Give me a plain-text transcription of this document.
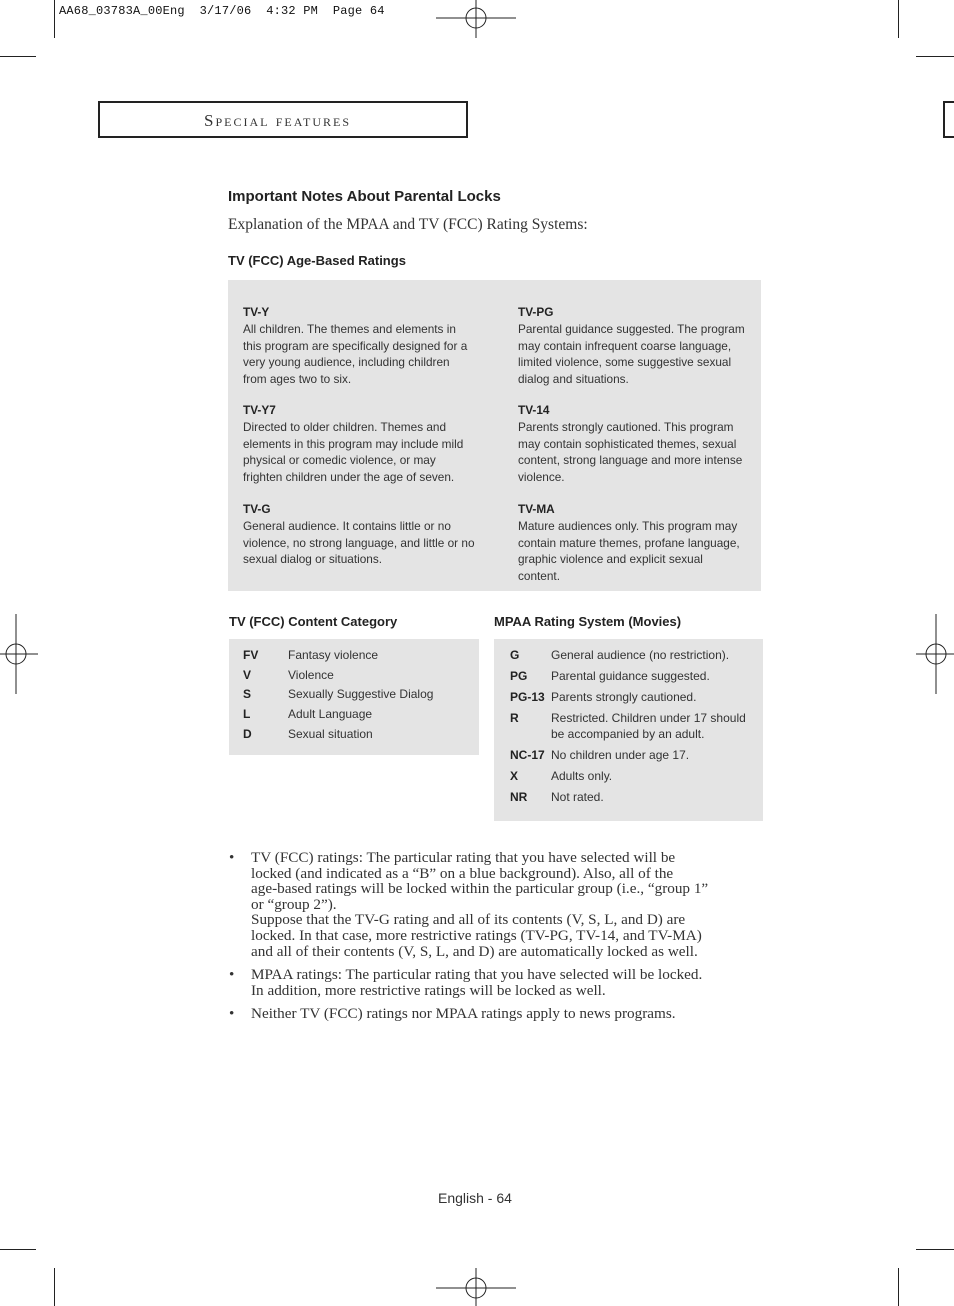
AA68_03783A_00Eng  3/17/06  4:32 PM  Page 64
Special features
Important Notes About Parental Locks
Explanation of the MPAA and TV (FCC) Rating Systems:
TV (FCC) Age-Based Ratings
TV-Y
All children. The themes and elements in
this program are specifically designed for a
very young audience, including children
from ages two to six.
TV-Y7
Directed to older children. Themes and
elements in this program may include mild
physical or comedic violence, or may
frighten children under the age of seven.
TV-G
General audience. It contains little or no
violence, no strong language, and little or no
sexual dialog or situations.
TV-PG
Parental guidance suggested. The program
may contain infrequent coarse language,
limited violence, some suggestive sexual
dialog and situations.
TV-14
Parents strongly cautioned. This program
may contain sophisticated themes, sexual
content, strong language and more intense
violence.
TV-MA
Mature audiences only. This program may
contain mature themes, profane language,
graphic violence and explicit sexual
content.
TV (FCC) Content Category
FV Fantasy violence
V	Violence
S	Sexually Suggestive Dialog
L	Adult Language
D	Sexual situation
MPAA Rating System (Movies)
G	General audience (no restriction).
PG Parental guidance suggested.
PG-13 Parents strongly cautioned.
R	Restricted. Children under 17 should
be accompanied by an adult.
NC-17 No children under age 17.
X	Adults only.
NR Not rated.
• TV (FCC) ratings: The particular rating that you have selected will be
locked (and indicated as a “B” on a blue background). Also, all of the
age-based ratings will be locked within the particular group (i.e., “group 1”
or “group 2”).
Suppose that the TV-G rating and all of its contents (V, S, L, and D) are
locked. In that case, more restrictive ratings (TV-PG, TV-14, and TV-MA)
and all of their contents (V, S, L, and D) are automatically locked as well.
• MPAA ratings: The particular rating that you have selected will be locked.
In addition, more restrictive ratings will be locked as well.
• Neither TV (FCC) ratings nor MPAA ratings apply to news programs.
English - 64
